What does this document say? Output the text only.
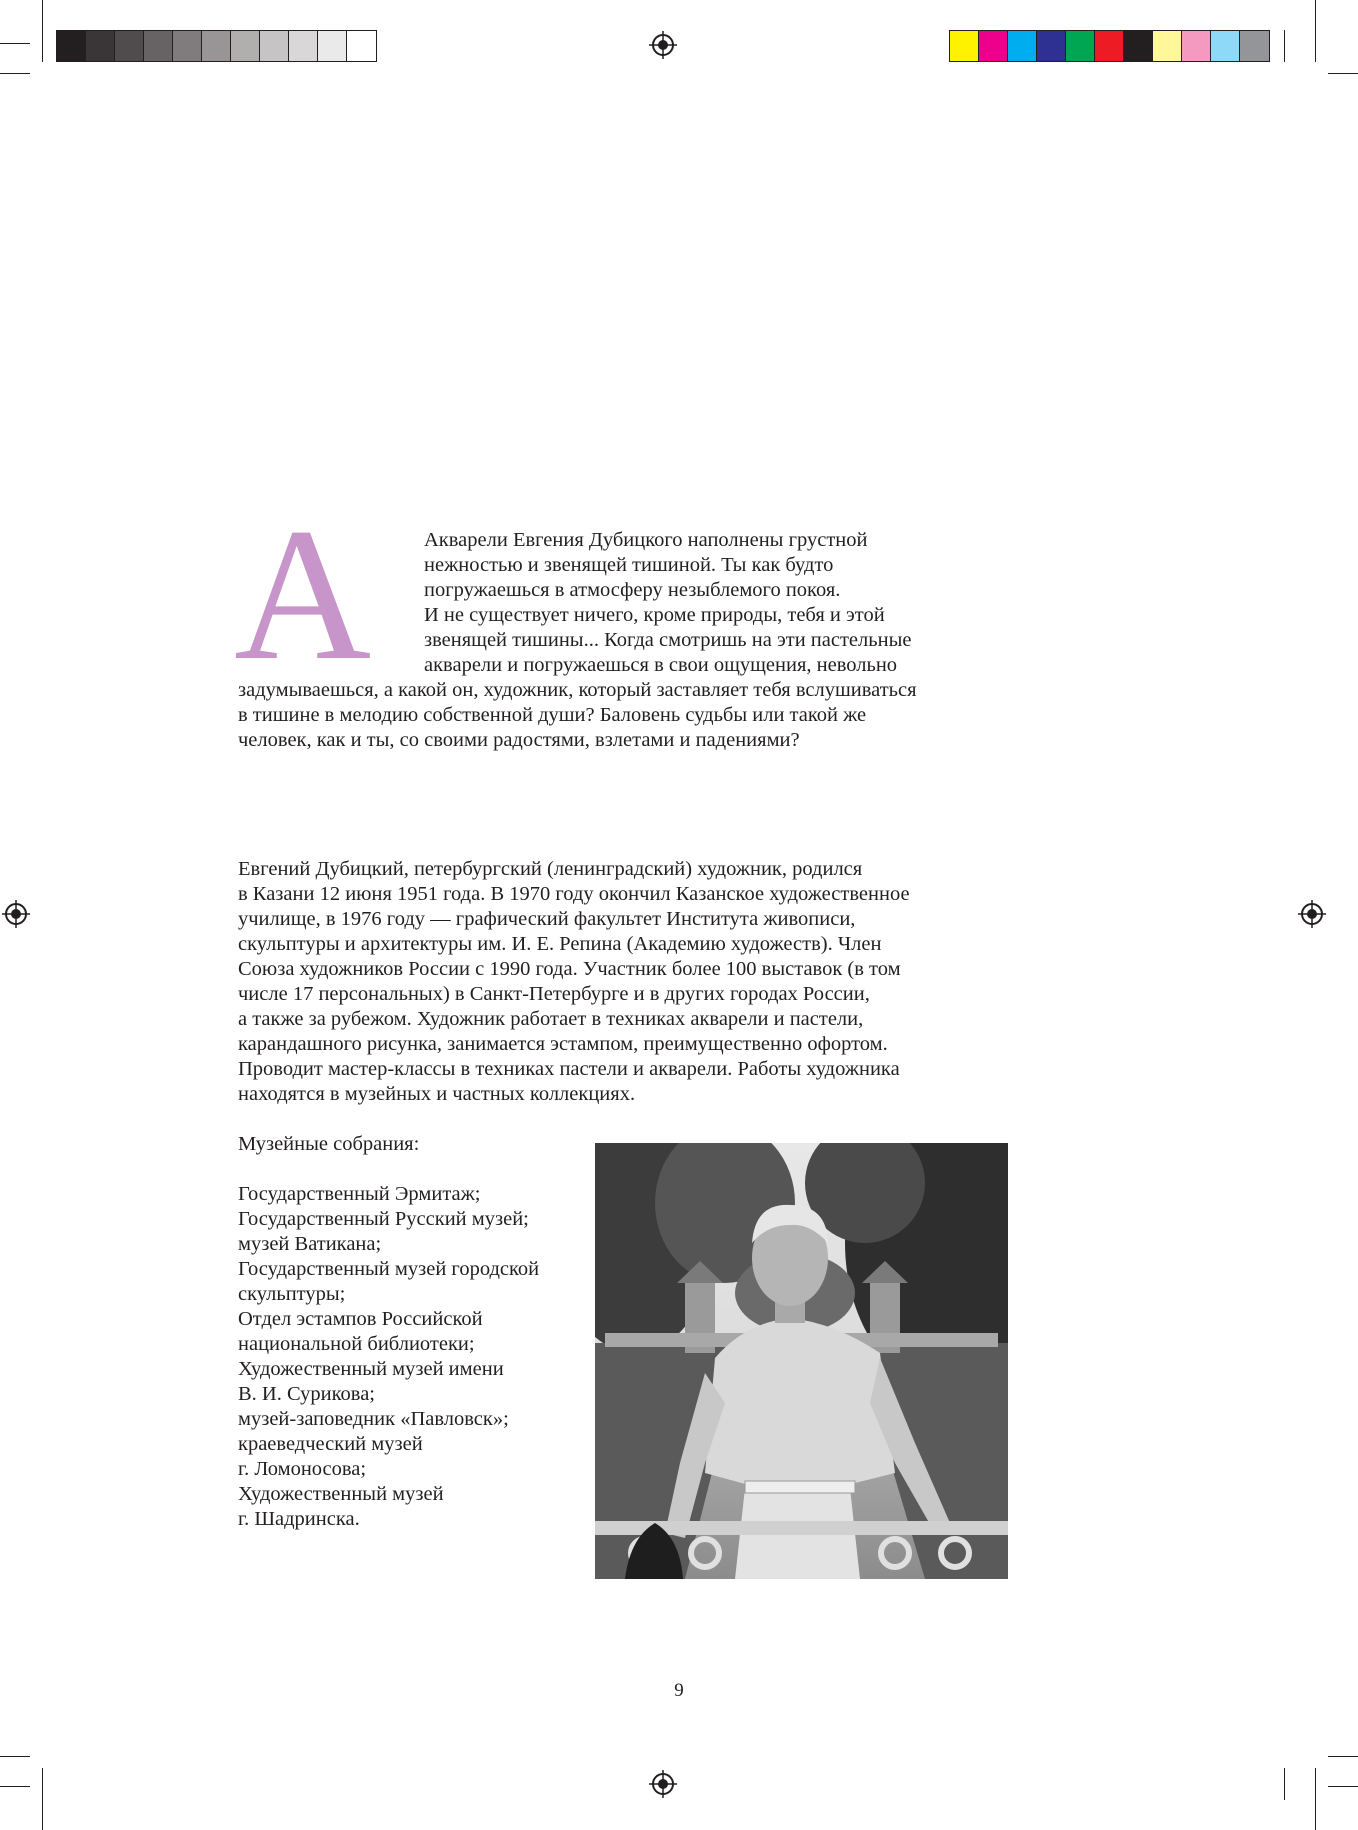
А	Акварели Евгения Дубицкого наполнены грустной
нежностью и звенящей тишиной. Ты как будто
погружаешься в атмосферу незыблемого покоя.
И не существует ничего, кроме природы, тебя и этой
звенящей тишины... Когда смотришь на эти пастельные
акварели и погружаешься в свои ощущения, невольно
задумываешься, а какой он, художник, который заставляет тебя вслушиваться
в тишине в мелодию собственной души? Баловень судьбы или такой же
человек, как и ты, со своими радостями, взлетами и падениями?
Евгений Дубицкий, петербургский (ленинградский) художник, родился
в Казани 12 июня 1951 года. В 1970 году окончил Казанское художественное
училище, в 1976 году — графический факультет Института живописи,
скульптуры и архитектуры им. И. Е. Репина (Академию художеств). Член
Союза художников России с 1990 года. Участник более 100 выставок (в том
числе 17 персональных) в Санкт-Петербурге и в других городах России,
а также за рубежом. Художник работает в техниках акварели и пастели,
карандашного рисунка, занимается эстампом, преимущественно офортом.
Проводит мастер-классы в техниках пастели и акварели. Работы художника
находятся в музейных и частных коллекциях.
Музейные собрания:
Государственный Эрмитаж;
Государственный Русский музей;
музей Ватикана;
Государственный музей городской
скульптуры;
Отдел эстампов Российской
национальной библиотеки;
Художественный музей имени
В. И. Сурикова;
музей-заповедник «Павловск»;
краеведческий музей
г. Ломоносова;
Художественный музей
г. Шадринска.
9
